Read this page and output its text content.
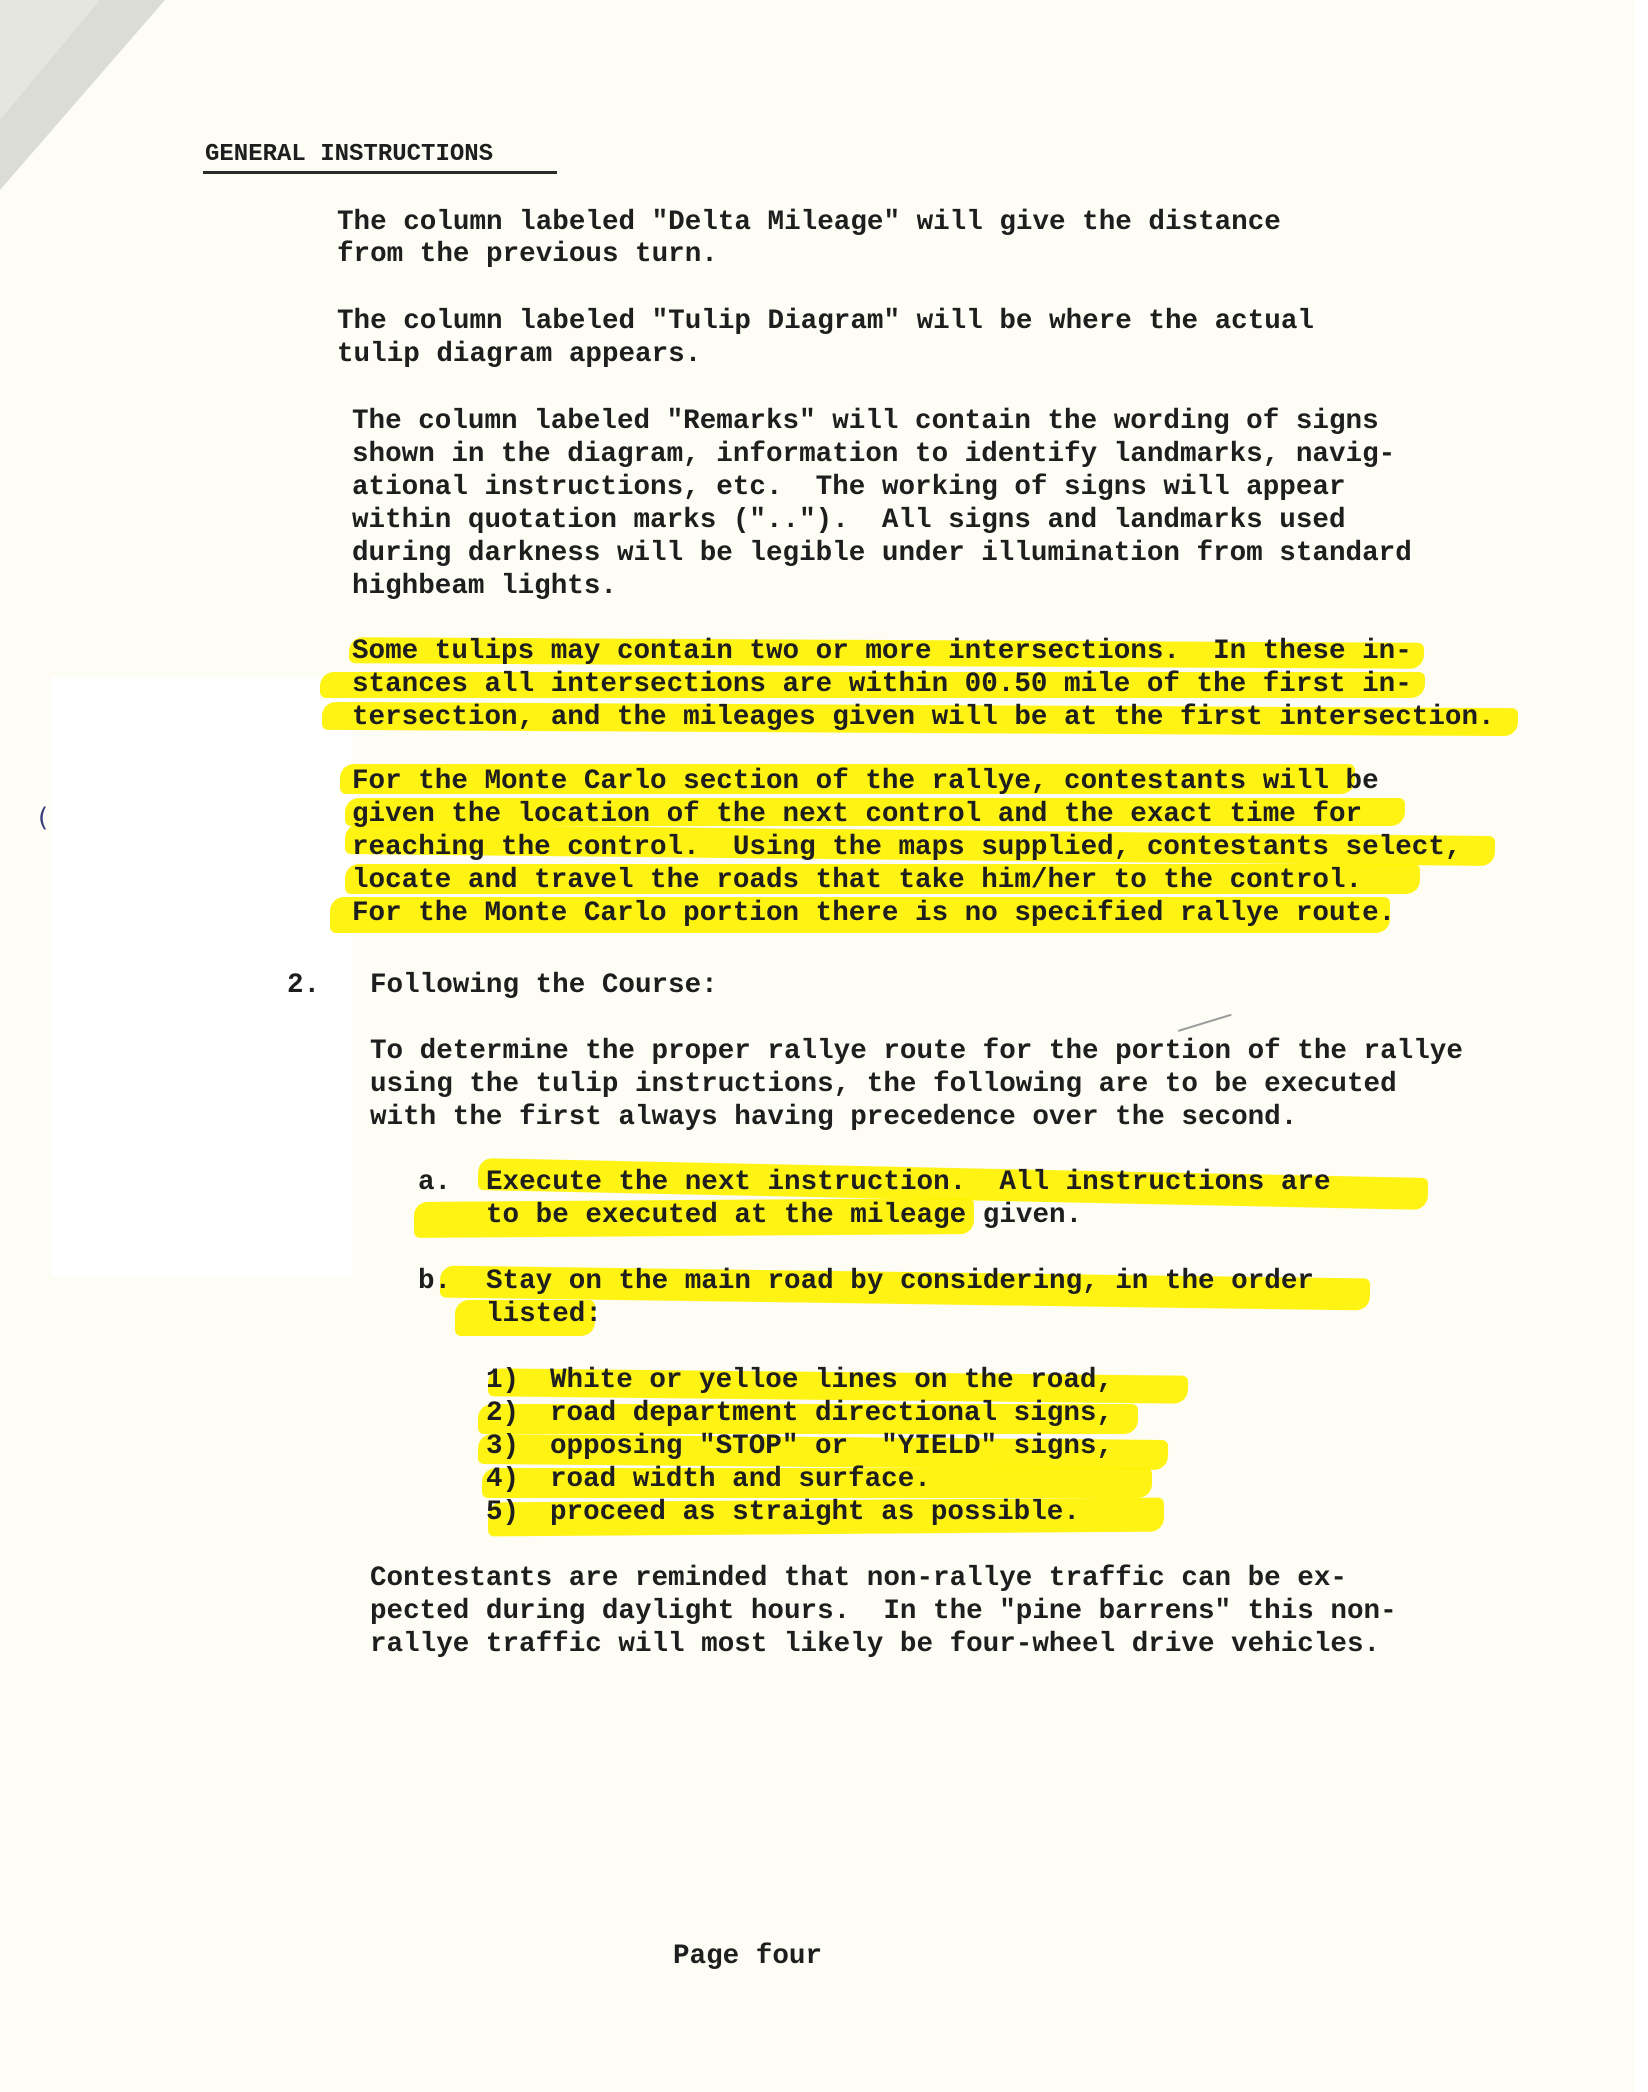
(
GENERAL INSTRUCTIONS
The column labeled "Delta Mileage" will give the distance
from the previous turn.
The column labeled "Tulip Diagram" will be where the actual
tulip diagram appears.
The column labeled "Remarks" will contain the wording of signs
shown in the diagram, information to identify landmarks, navig-
ational instructions, etc.  The working of signs will appear
within quotation marks ("..").  All signs and landmarks used
during darkness will be legible under illumination from standard
highbeam lights.
Some tulips may contain two or more intersections.  In these in-
stances all intersections are within 00.50 mile of the first in-
tersection, and the mileages given will be at the first intersection.
For the Monte Carlo section of the rallye, contestants will be
given the location of the next control and the exact time for
reaching the control.  Using the maps supplied, contestants select,
locate and travel the roads that take him/her to the control.
For the Monte Carlo portion there is no specified rallye route.
2. Following the Course:
To determine the proper rallye route for the portion of the rallye
using the tulip instructions, the following are to be executed
with the first always having precedence over the second.
a. Execute the next instruction.  All instructions are
to be executed at the mileage given.
b. Stay on the main road by considering, in the order
listed:
1) White or yelloe lines on the road,
2) road department directional signs,
3) opposing "STOP" or  "YIELD" signs,
4) road width and surface.
5) proceed as straight as possible.
Contestants are reminded that non-rallye traffic can be ex-
pected during daylight hours.  In the "pine barrens" this non-
rallye traffic will most likely be four-wheel drive vehicles.
Page four
